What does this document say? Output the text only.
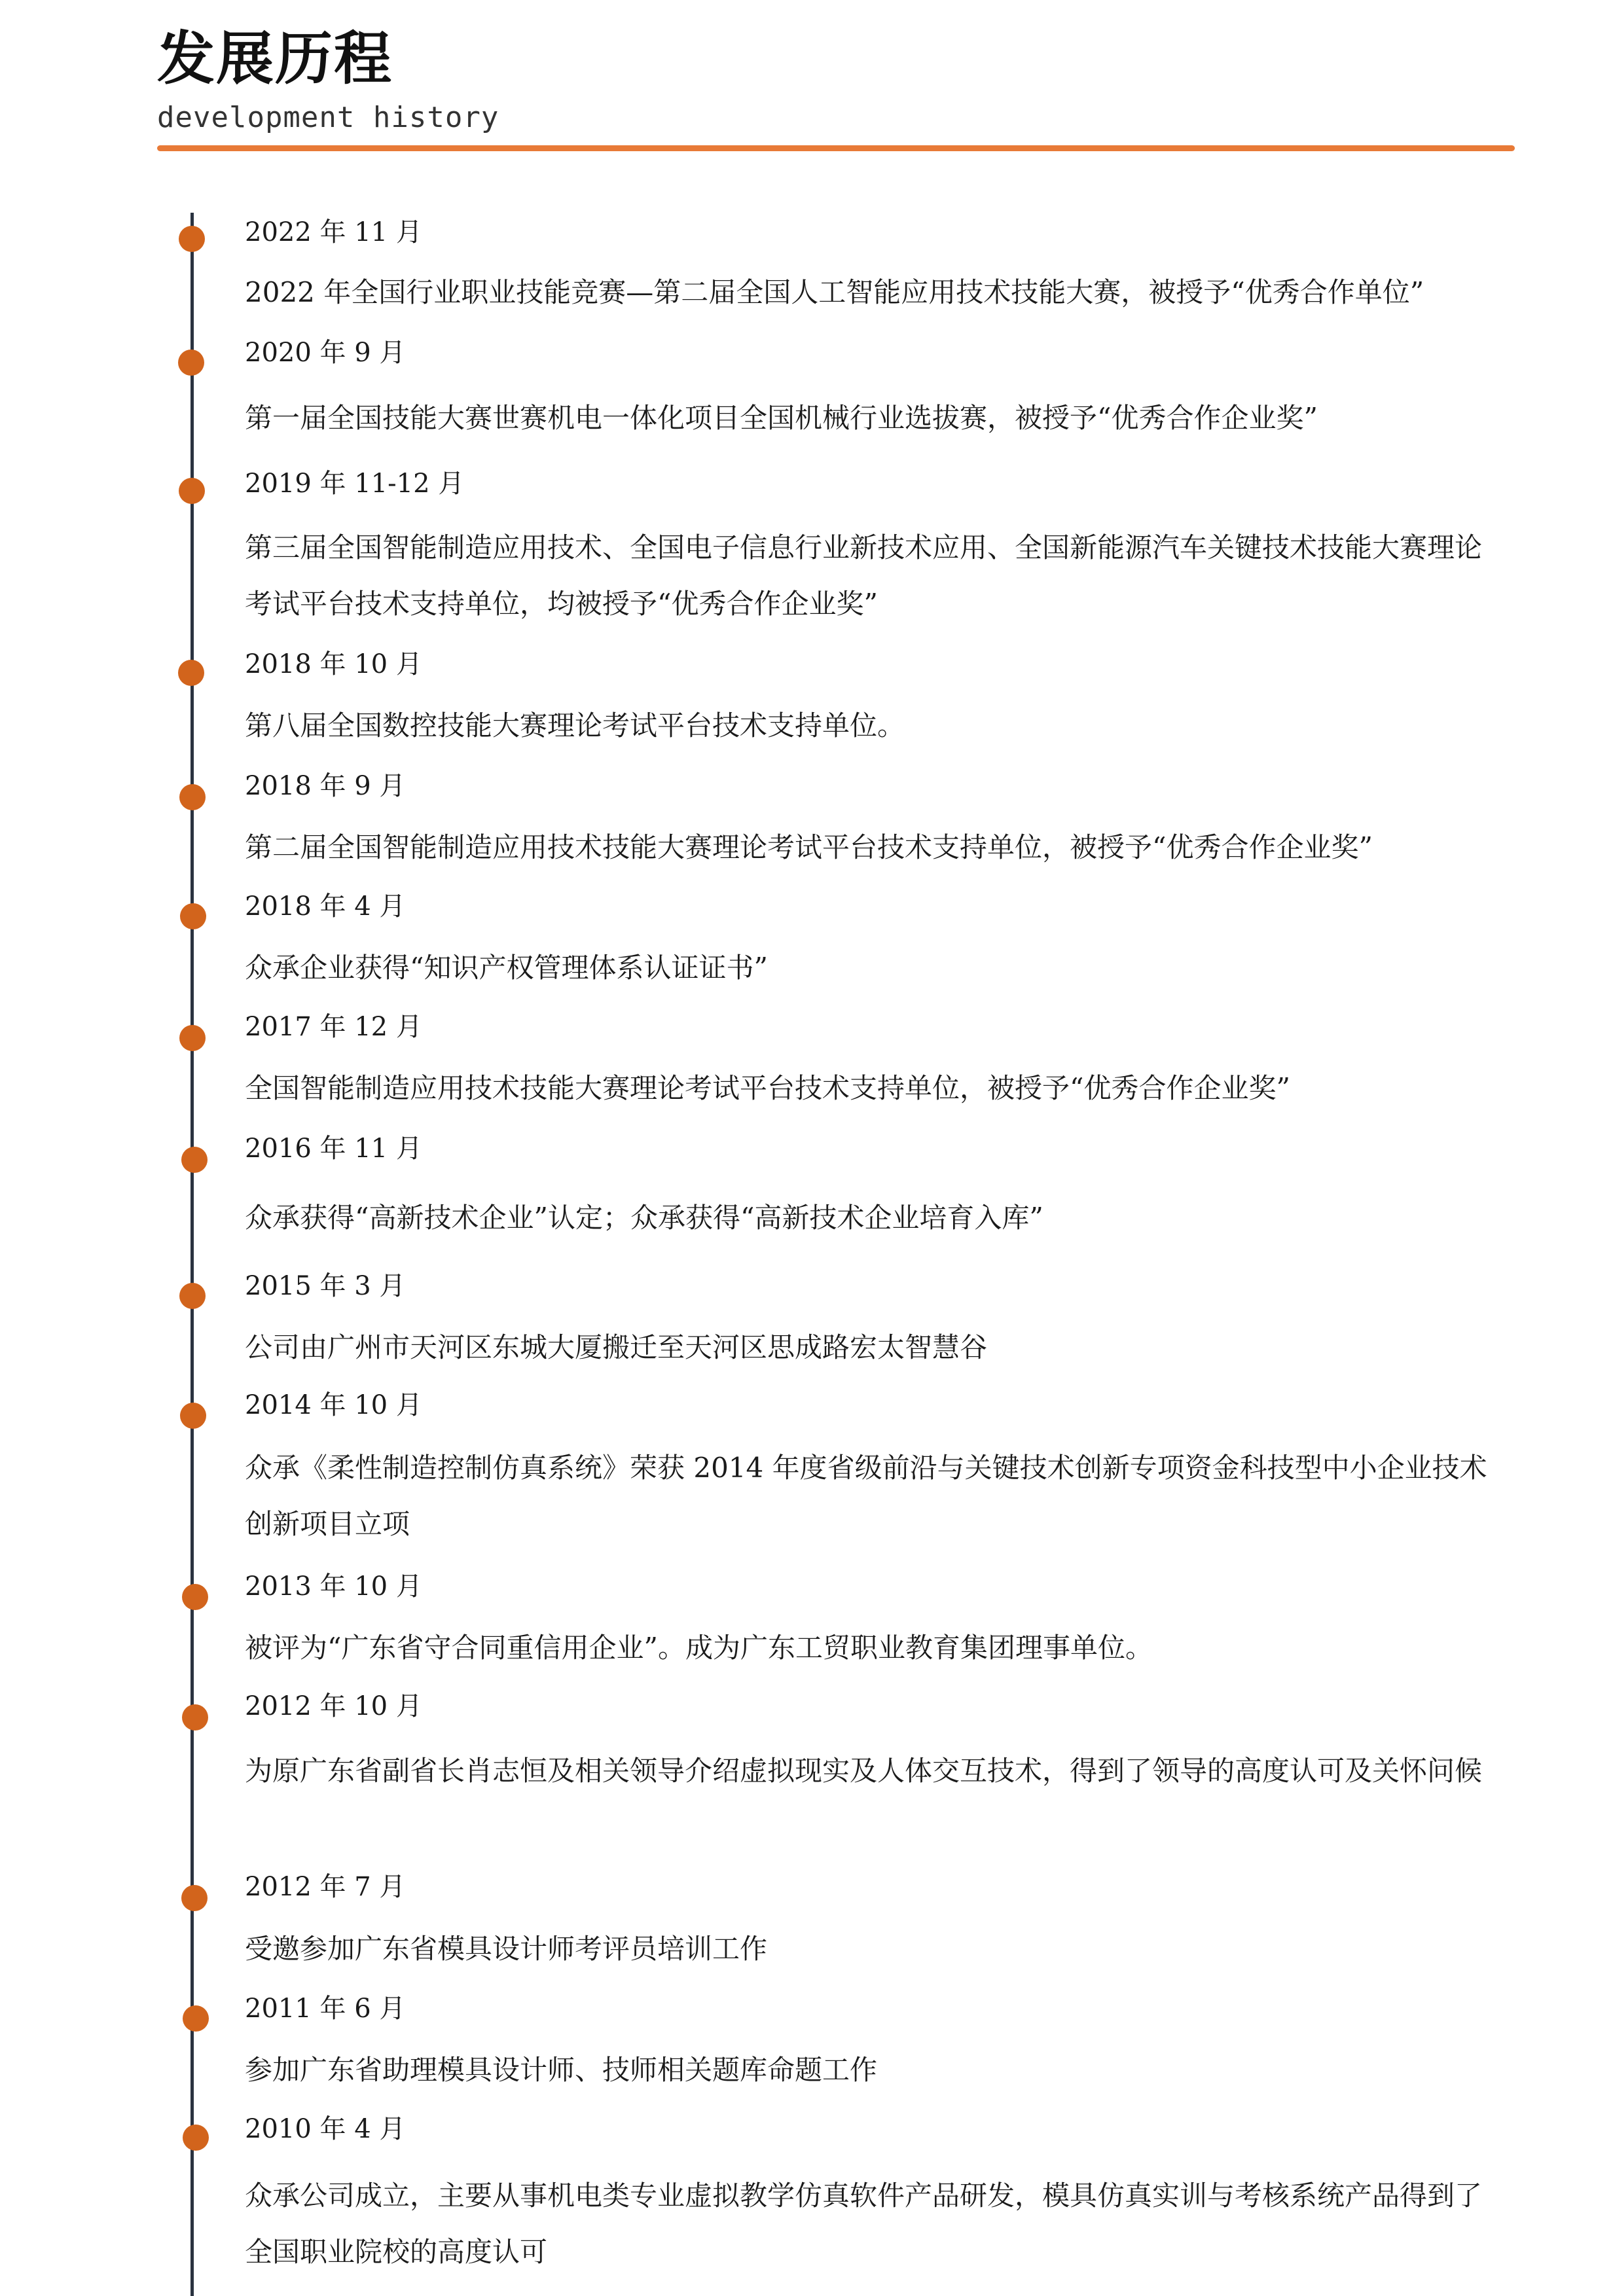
发展历程
development history
2022 年 11 月
2022 年全国行业职业技能竞赛—第二届全国人工智能应用技术技能大赛，被授予“优秀合作单位”
2020 年 9 月
第一届全国技能大赛世赛机电一体化项目全国机械行业选拔赛，被授予“优秀合作企业奖”
2019 年 11-12 月
第三届全国智能制造应用技术、全国电子信息行业新技术应用、全国新能源汽车关键技术技能大赛理论考试平台技术支持单位，均被授予“优秀合作企业奖”
2018 年 10 月
第八届全国数控技能大赛理论考试平台技术支持单位。
2018 年 9 月
第二届全国智能制造应用技术技能大赛理论考试平台技术支持单位，被授予“优秀合作企业奖”
2018 年 4 月
众承企业获得“知识产权管理体系认证证书”
2017 年 12 月
全国智能制造应用技术技能大赛理论考试平台技术支持单位，被授予“优秀合作企业奖”
2016 年 11 月
众承获得“高新技术企业”认定；众承获得“高新技术企业培育入库”
2015 年 3 月
公司由广州市天河区东城大厦搬迁至天河区思成路宏太智慧谷
2014 年 10 月
众承《柔性制造控制仿真系统》荣获 2014 年度省级前沿与关键技术创新专项资金科技型中小企业技术创新项目立项
2013 年 10 月
被评为“广东省守合同重信用企业”。成为广东工贸职业教育集团理事单位。
2012 年 10 月
为原广东省副省长肖志恒及相关领导介绍虚拟现实及人体交互技术，得到了领导的高度认可及关怀问候
2012 年 7 月
受邀参加广东省模具设计师考评员培训工作
2011 年 6 月
参加广东省助理模具设计师、技师相关题库命题工作
2010 年 4 月
众承公司成立，主要从事机电类专业虚拟教学仿真软件产品研发，模具仿真实训与考核系统产品得到了全国职业院校的高度认可
